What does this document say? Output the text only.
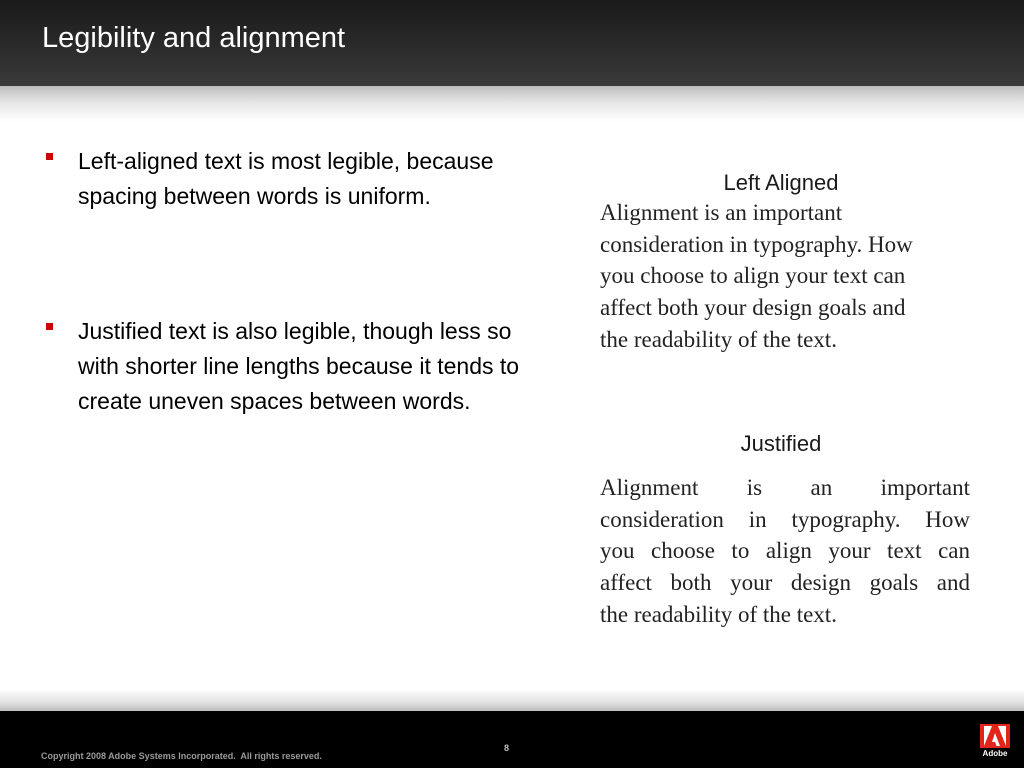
Legibility and alignment
Left-aligned text is most legible, because spacing between words is uniform.
Justified text is also legible, though less so with shorter line lengths because it tends to create uneven spaces between words.
Left Aligned
Alignment is an important
consideration in typography. How
you choose to align your text can
affect both your design goals and
the readability of the text.
Justified
Alignment is an important
consideration in typography. How
you choose to align your text can
affect both your design goals and
the readability of the text.
Copyright 2008 Adobe Systems Incorporated.  All rights reserved.
8
Adobe
